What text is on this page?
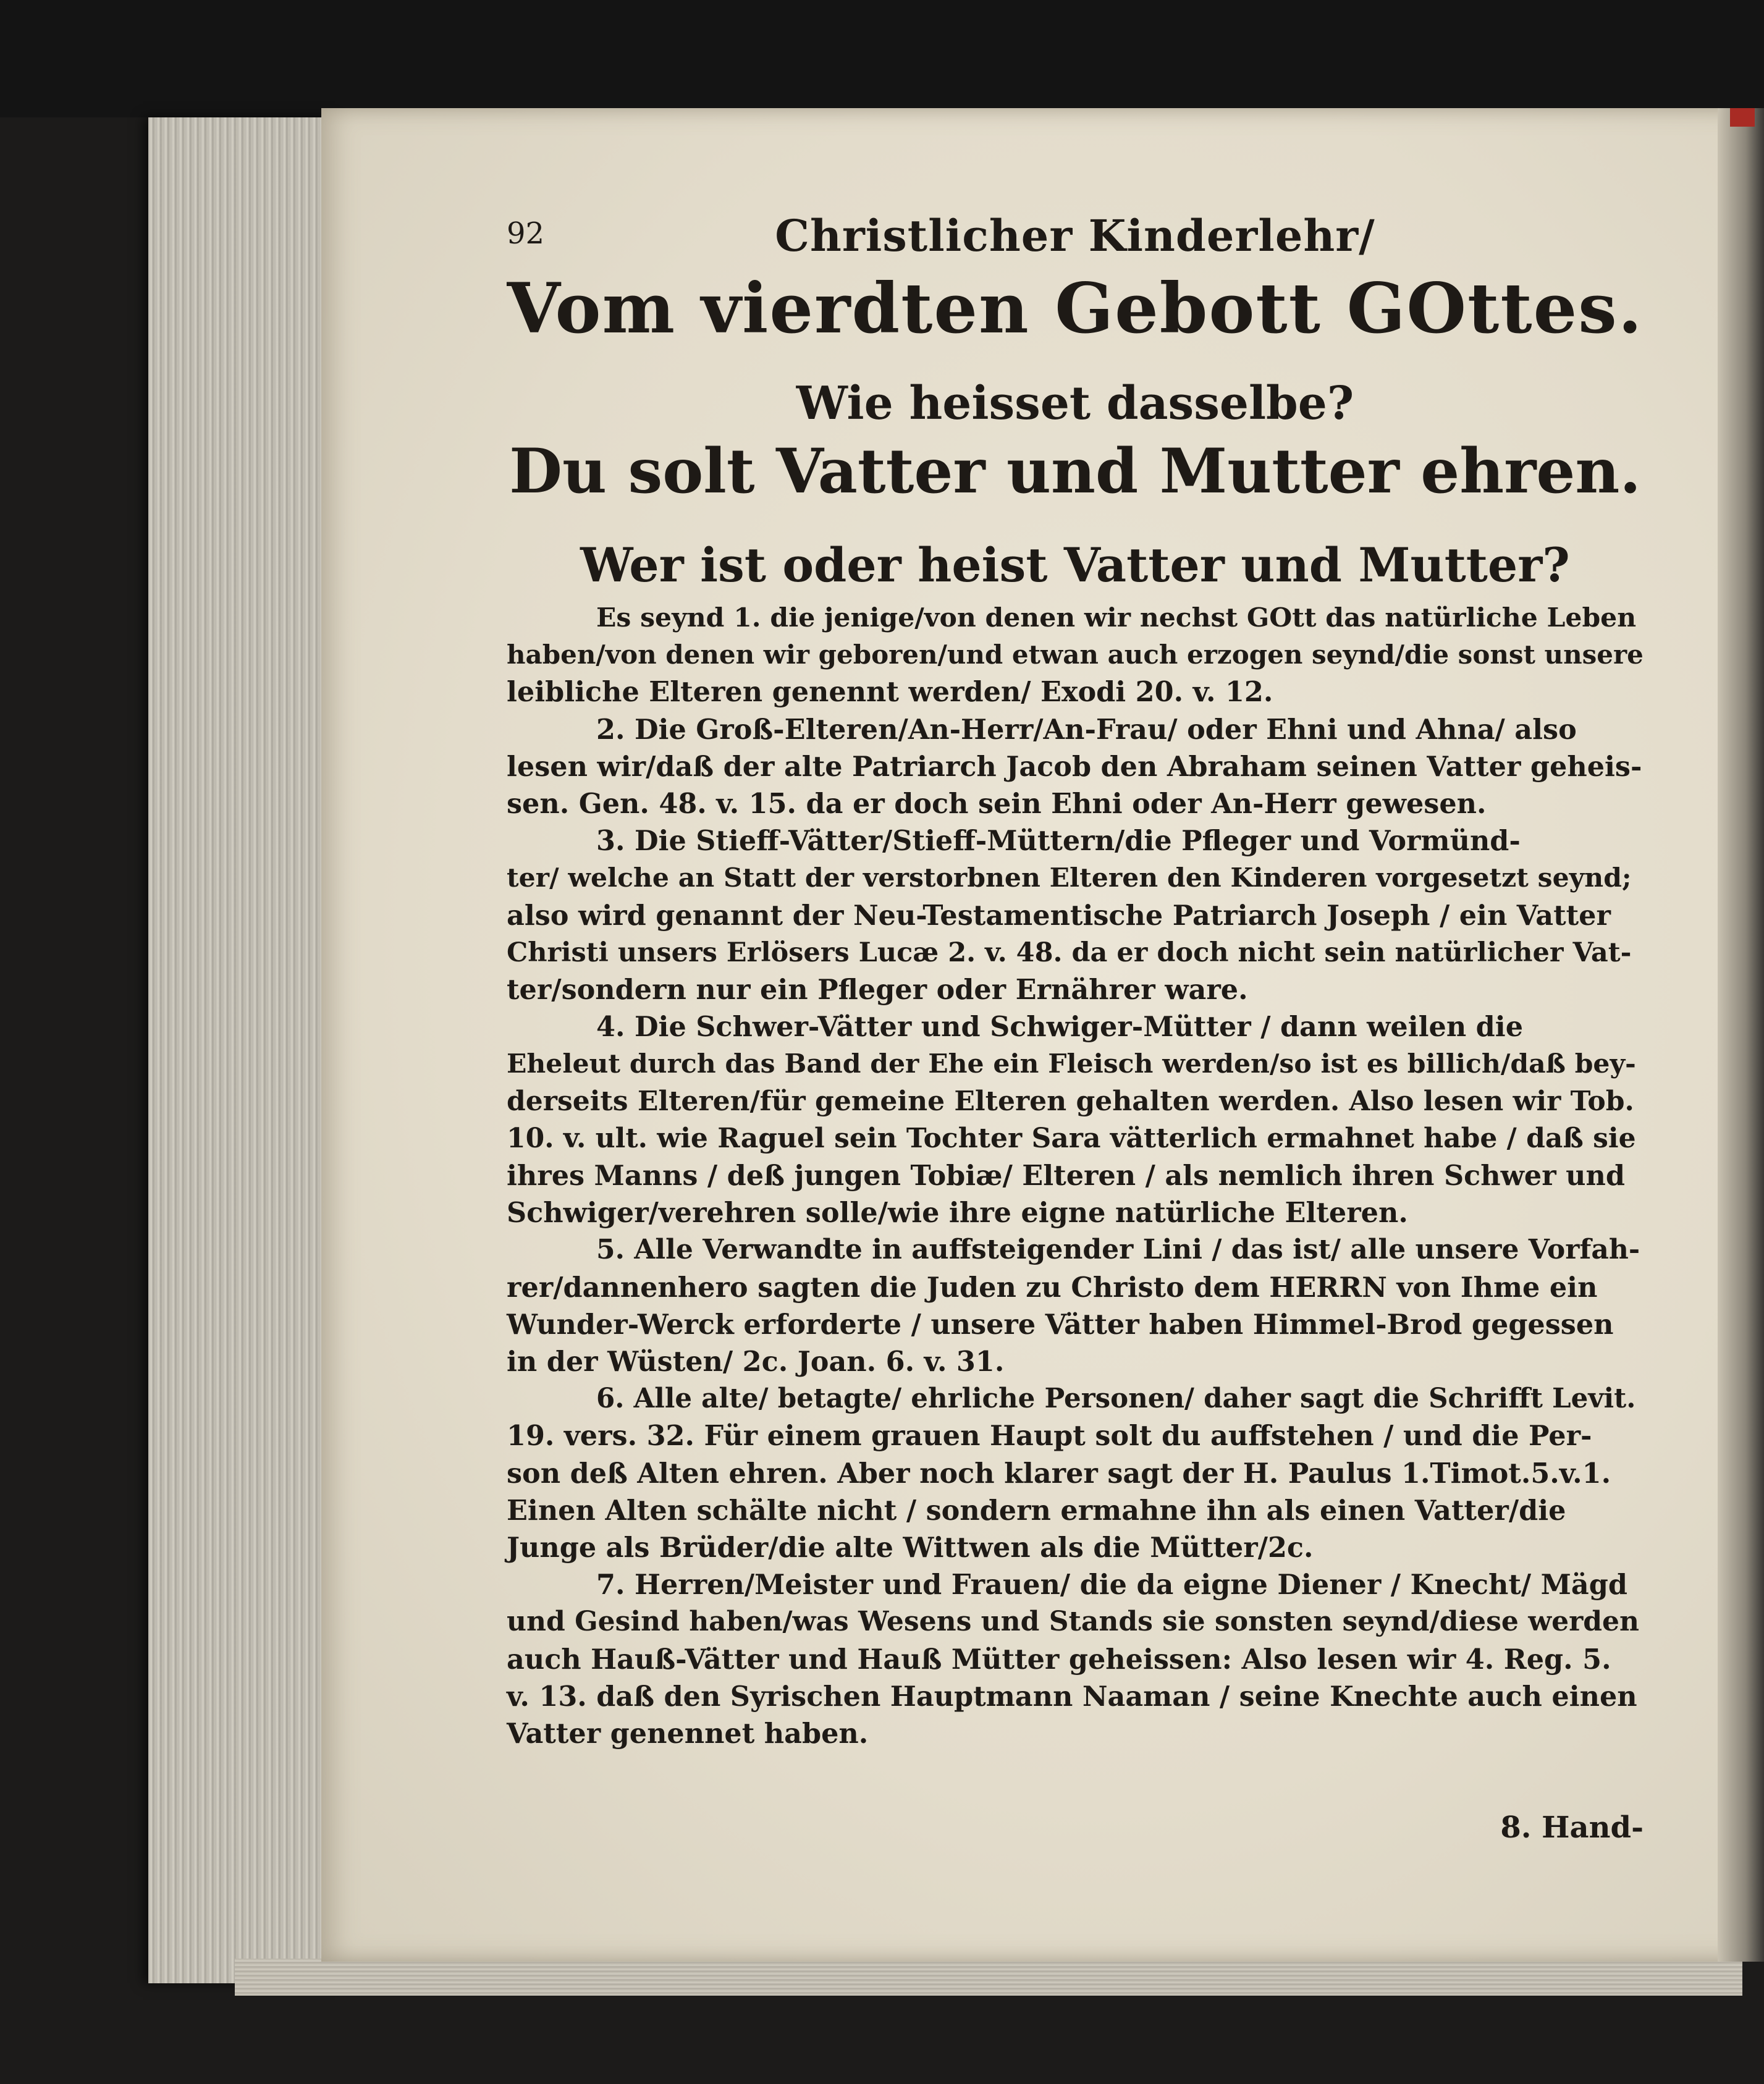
92	Christlicher Kinderlehr/
Vom vierdten Gebott GOttes.
Wie heisset dasselbe?
Du solt Vatter und Mutter ehren.
Wer ist oder heist Vatter und Mutter?
Es seynd 1. die jenige/von denen wir nechst GOtt das natürliche Leben
haben/von denen wir geboren/und etwan auch erzogen seynd/die sonst unsere
leibliche Elteren genennt werden/ Exodi 20. v. 12.
2. Die Groß-Elteren/An-Herr/An-Frau/ oder Ehni und Ahna/ also
lesen wir/daß der alte Patriarch Jacob den Abraham seinen Vatter geheis-
sen. Gen. 48. v. 15. da er doch sein Ehni oder An-Herr gewesen.
3. Die Stieff-Vätter/Stieff-Müttern/die Pfleger und Vormünd-
ter/ welche an Statt der verstorbnen Elteren den Kinderen vorgesetzt seynd;
also wird genannt der Neu-Testamentische Patriarch Joseph / ein Vatter
Christi unsers Erlösers Lucæ 2. v. 48. da er doch nicht sein natürlicher Vat-
ter/sondern nur ein Pfleger oder Ernährer ware.
4. Die Schwer-Vätter und Schwiger-Mütter / dann weilen die
Eheleut durch das Band der Ehe ein Fleisch werden/so ist es billich/daß bey-
derseits Elteren/für gemeine Elteren gehalten werden. Also lesen wir Tob.
10. v. ult. wie Raguel sein Tochter Sara vätterlich ermahnet habe / daß sie
ihres Manns / deß jungen Tobiæ/ Elteren / als nemlich ihren Schwer und
Schwiger/verehren solle/wie ihre eigne natürliche Elteren.
5. Alle Verwandte in auffsteigender Lini / das ist/ alle unsere Vorfah-
rer/dannenhero sagten die Juden zu Christo dem HERRN von Ihme ein
Wunder-Werck erforderte / unsere Vätter haben Himmel-Brod gegessen
in der Wüsten/ 2c. Joan. 6. v. 31.
6. Alle alte/ betagte/ ehrliche Personen/ daher sagt die Schrifft Levit.
19. vers. 32. Für einem grauen Haupt solt du auffstehen / und die Per-
son deß Alten ehren. Aber noch klarer sagt der H. Paulus 1.Timot.5.v.1.
Einen Alten schälte nicht / sondern ermahne ihn als einen Vatter/die
Junge als Brüder/die alte Wittwen als die Mütter/2c.
7. Herren/Meister und Frauen/ die da eigne Diener / Knecht/ Mägd
und Gesind haben/was Wesens und Stands sie sonsten seynd/diese werden
auch Hauß-Vätter und Hauß Mütter geheissen: Also lesen wir 4. Reg. 5.
v. 13. daß den Syrischen Hauptmann Naaman / seine Knechte auch einen
Vatter genennet haben.
8. Hand-
